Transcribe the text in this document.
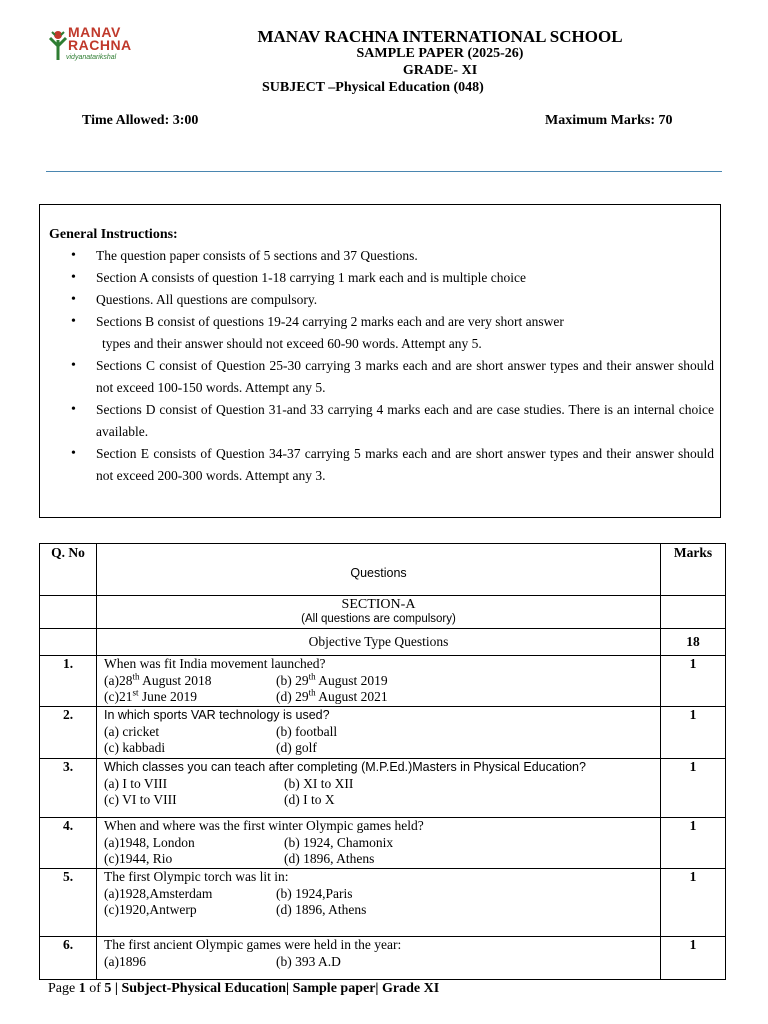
MANAV
RACHNA
vidyanatarikshal
MANAV RACHNA INTERNATIONAL SCHOOL
SAMPLE PAPER (2025-26)
GRADE- XI
SUBJECT –Physical Education (048)
Time Allowed: 3:00	Maximum Marks: 70
General Instructions:
• The question paper consists of 5 sections and 37 Questions.
• Section A consists of question 1-18 carrying 1 mark each and is multiple choice
• Questions. All questions are compulsory.
• Sections B consist of questions 19-24 carrying 2 marks each and are very short answer
types and their answer should not exceed 60-90 words. Attempt any 5.
• Sections C consist of Question 25-30 carrying 3 marks each and are short answer types and their answer should not exceed 100-150 words. Attempt any 5.
• Sections D consist of Question 31-and 33 carrying 4 marks each and are case studies. There is an internal choice available.
• Section E consists of Question 34-37 carrying 5 marks each and are short answer types and their answer should not exceed 200-300 words. Attempt any 3.
Q. No	Questions	Marks

	SECTION-A
(All questions are compulsory)	

	Objective Type Questions	18
1.	When was fit India movement launched?
(a)28th August 2018 (b) 29th August 2019
(c)21st June 2019 (d) 29th August 2021	1
2.	In which sports VAR technology is used?
(a) cricket (b) football
(c) kabbadi (d) golf	1
3.	Which classes you can teach after completing (M.P.Ed.)Masters in Physical Education?
(a) I to VIII (b) XI to XII
(c) VI to VIII (d) I to X	1
4.	When and where was the first winter Olympic games held?
(a)1948, London (b) 1924, Chamonix
(c)1944, Rio (d) 1896, Athens	1
5.	The first Olympic torch was lit in:
(a)1928,Amsterdam (b) 1924,Paris
(c)1920,Antwerp (d) 1896, Athens	1
6.	The first ancient Olympic games were held in the year:
(a)1896 (b) 393 A.D	1
Page 1 of 5 | Subject-Physical Education| Sample paper| Grade XI
